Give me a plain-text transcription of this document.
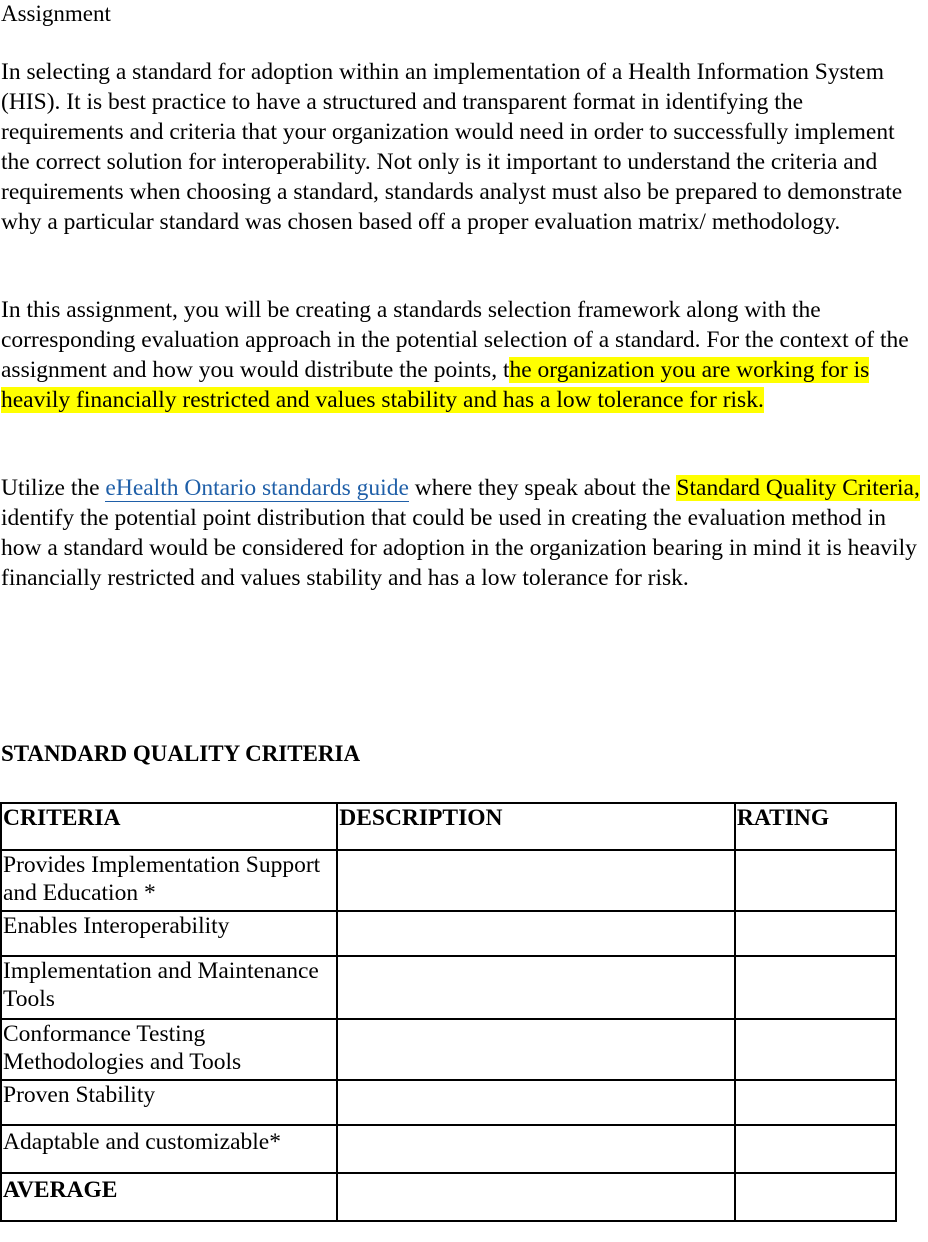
Assignment

In selecting a standard for adoption within an implementation of a Health Information System (HIS). It is best practice to have a structured and transparent format in identifying the requirements and criteria that your organization would need in order to successfully implement the correct solution for interoperability. Not only is it important to understand the criteria and requirements when choosing a standard, standards analyst must also be prepared to demonstrate why a particular standard was chosen based off a proper evaluation matrix/ methodology.

In this assignment, you will be creating a standards selection framework along with the corresponding evaluation approach in the potential selection of a standard. For the context of the assignment and how you would distribute the points, the organization you are working for is heavily financially restricted and values stability and has a low tolerance for risk.

Utilize the eHealth Ontario standards guide where they speak about the Standard Quality Criteria, identify the potential point distribution that could be used in creating the evaluation method in how a standard would be considered for adoption in the organization bearing in mind it is heavily financially restricted and values stability and has a low tolerance for risk.

STANDARD QUALITY CRITERIA
CRITERIA	DESCRIPTION	RATING
Provides Implementation Support and Education *		
Enables Interoperability		
Implementation and Maintenance Tools		
Conformance Testing Methodologies and Tools		
Proven Stability		
Adaptable and customizable*		
AVERAGE		
